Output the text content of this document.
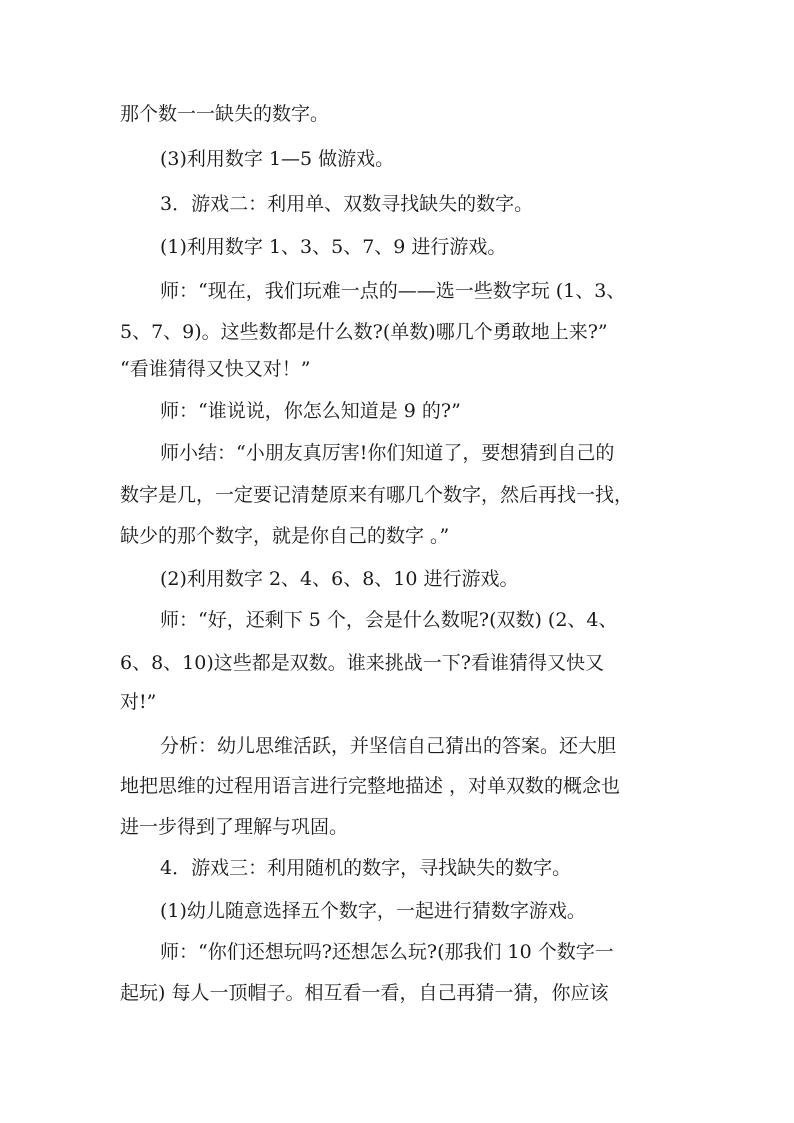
那个数一一缺失的数字。
(3)利用数字 1—5 做游戏。
3．游戏二：利用单、双数寻找缺失的数字。
(1)利用数字 1、3、5、7、9 进行游戏。
师：“现在，我们玩难一点的——选一些数字玩 (1、3、
5、7、9)。这些数都是什么数?(单数)哪几个勇敢地上来?”
“看谁猜得又快又对！”
师：“谁说说，你怎么知道是 9 的?”
师小结：“小朋友真厉害!你们知道了，要想猜到自己的
数字是几，一定要记清楚原来有哪几个数字，然后再找一找，
缺少的那个数字，就是你自己的数字 。”
(2)利用数字 2、4、6、8、10 进行游戏。
师：“好，还剩下 5 个，会是什么数呢?(双数) (2、4、
6、8、10)这些都是双数。谁来挑战一下?看谁猜得又快又
对!”
分析：幼儿思维活跃，并坚信自己猜出的答案。还大胆
地把思维的过程用语言进行完整地描述 ，对单双数的概念也
进一步得到了理解与巩固。
4．游戏三：利用随机的数字，寻找缺失的数字。
(1)幼儿随意选择五个数字，一起进行猜数字游戏。
师：“你们还想玩吗?还想怎么玩?(那我们 10 个数字一
起玩) 每人一顶帽子。相互看一看，自己再猜一猜，你应该
